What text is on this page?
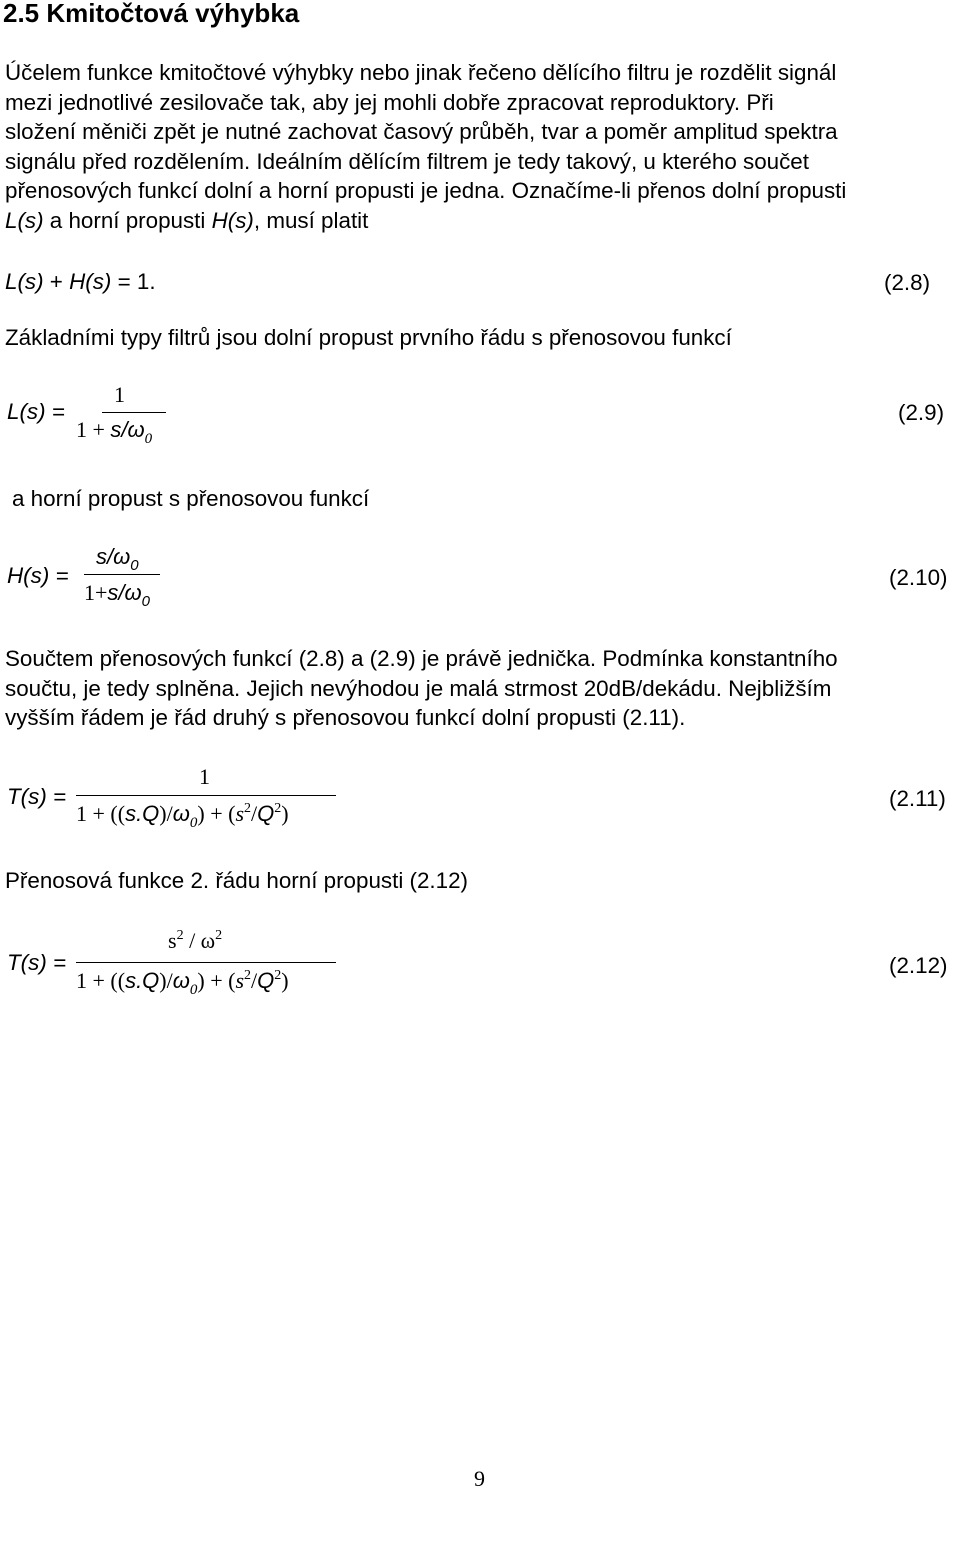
2.5 Kmitočtová výhybka
Účelem funkce kmitočtové výhybky nebo jinak řečeno dělícího filtru je rozdělit signál
mezi jednotlivé zesilovače tak, aby jej mohli dobře zpracovat reproduktory. Při
složení měniči zpět je nutné zachovat časový průběh, tvar a poměr amplitud spektra
signálu před rozdělením. Ideálním dělícím filtrem je tedy takový, u kterého součet
přenosových funkcí dolní a horní propusti je jedna. Označíme-li přenos dolní propusti
L(s) a horní propusti H(s), musí platit
L(s) + H(s) = 1.	(2.8)
Základními typy filtrů jsou dolní propust prvního řádu s přenosovou funkcí
L(s) =
1
$1 + s/\omega_0$
(2.9)
a horní propust s přenosovou funkcí
H(s) =
$s/\omega_0$
$1+s/\omega_0$
(2.10)
Součtem přenosových funkcí (2.8) a (2.9) je právě jednička. Podmínka konstantního
součtu, je tedy splněna. Jejich nevýhodou je malá strmost 20dB/dekádu. Nejbližším
vyšším řádem je řád druhý s přenosovou funkcí dolní propusti (2.11).
T(s) =
1
$1 + ((s.Q)/\omega_0) + (s^2/Q^2)$
(2.11)
Přenosová funkce 2. řádu horní propusti (2.12)
T(s) =
$s^2 / \omega^2$
$1 + ((s.Q)/\omega_0) + (s^2/Q^2)$
(2.12)
9
